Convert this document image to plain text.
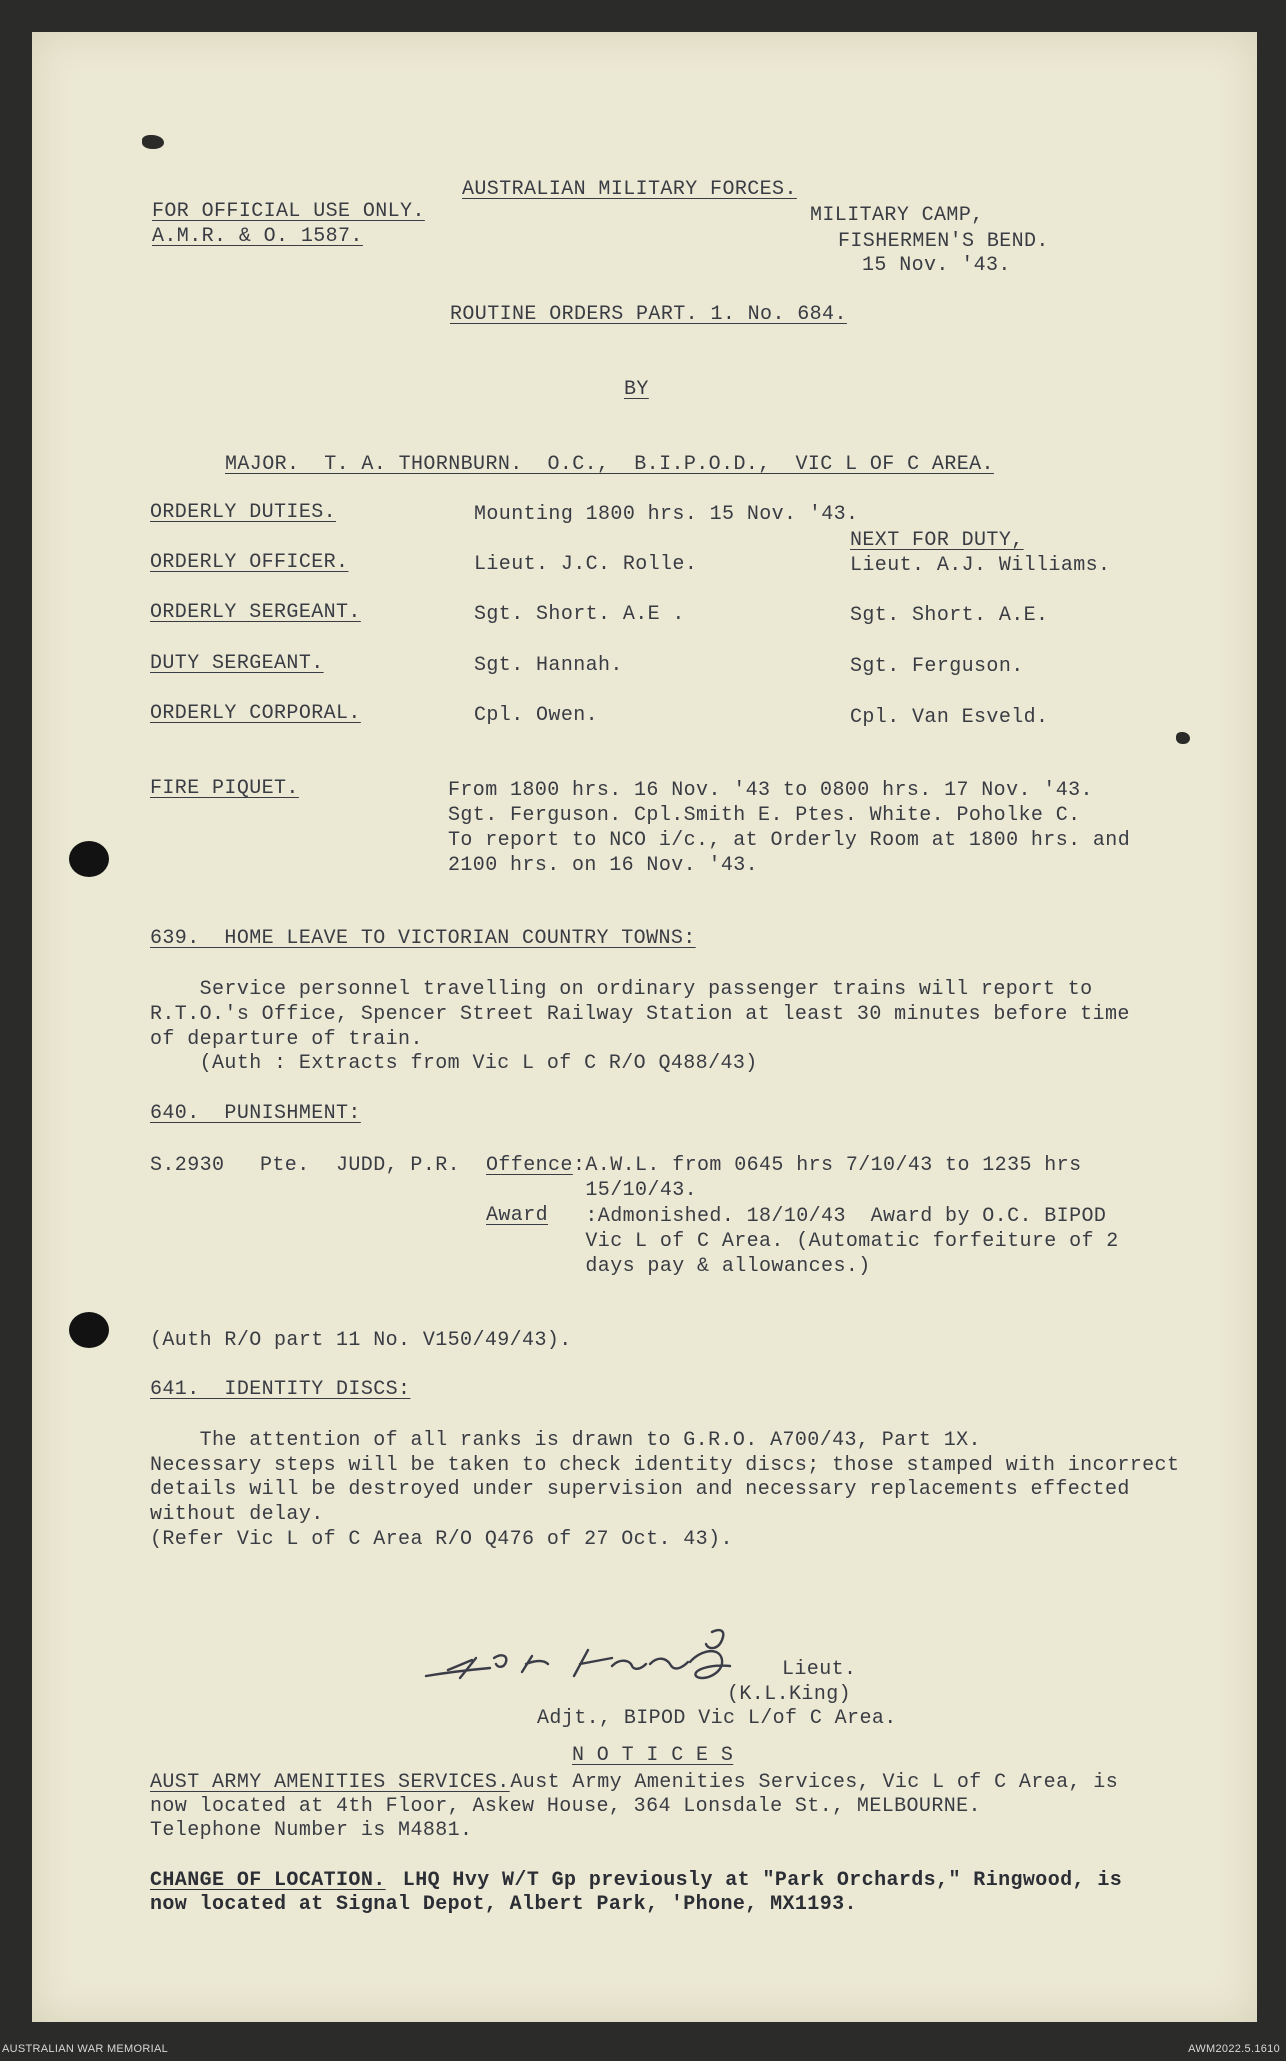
AUSTRALIAN MILITARY FORCES.
FOR OFFICIAL USE ONLY.
A.M.R. & O. 1587.
MILITARY CAMP,
FISHERMEN'S BEND.
15 Nov. '43.
ROUTINE ORDERS PART. 1. No. 684.
BY
MAJOR.  T. A. THORNBURN.  O.C.,  B.I.P.O.D.,  VIC L OF C AREA.
ORDERLY DUTIES.	Mounting 1800 hrs. 15 Nov. '43.
NEXT FOR DUTY,
ORDERLY OFFICER.	Lieut. J.C. Rolle.	Lieut. A.J. Williams.
ORDERLY SERGEANT.	Sgt. Short. A.E .	Sgt. Short. A.E.
DUTY SERGEANT.	Sgt. Hannah.	Sgt. Ferguson.
ORDERLY CORPORAL.	Cpl. Owen.	Cpl. Van Esveld.
FIRE PIQUET.	From 1800 hrs. 16 Nov. '43 to 0800 hrs. 17 Nov. '43.
Sgt. Ferguson. Cpl.Smith E. Ptes. White. Poholke C.
To report to NCO i/c., at Orderly Room at 1800 hrs. and
2100 hrs. on 16 Nov. '43.
639.  HOME LEAVE TO VICTORIAN COUNTRY TOWNS:
Service personnel travelling on ordinary passenger trains will report to
R.T.O.'s Office, Spencer Street Railway Station at least 30 minutes before time
of departure of train.
(Auth : Extracts from Vic L of C R/O Q488/43)
640.  PUNISHMENT:
S.2930 Pte. JUDD, P.R. Offence :A.W.L. from 0645 hrs 7/10/43 to 1235 hrs
15/10/43.
Award :Admonished. 18/10/43  Award by O.C. BIPOD
Vic L of C Area. (Automatic forfeiture of 2
days pay & allowances.)
(Auth R/O part 11 No. V150/49/43).
641.  IDENTITY DISCS:
The attention of all ranks is drawn to G.R.O. A700/43, Part 1X.
Necessary steps will be taken to check identity discs; those stamped with incorrect
details will be destroyed under supervision and necessary replacements effected
without delay.
(Refer Vic L of C Area R/O Q476 of 27 Oct. 43).
Lieut.
(K.L.King)
Adjt., BIPOD Vic L/of C Area.
N O T I C E S
AUST ARMY AMENITIES SERVICES.
Aust Army Amenities Services, Vic L of C Area, is
now located at 4th Floor, Askew House, 364 Lonsdale St., MELBOURNE.
Telephone Number is M4881.
CHANGE OF LOCATION.
LHQ Hvy W/T Gp previously at "Park Orchards," Ringwood, is
now located at Signal Depot, Albert Park, 'Phone, MX1193.
AUSTRALIAN WAR MEMORIAL	AWM2022.5.1610
